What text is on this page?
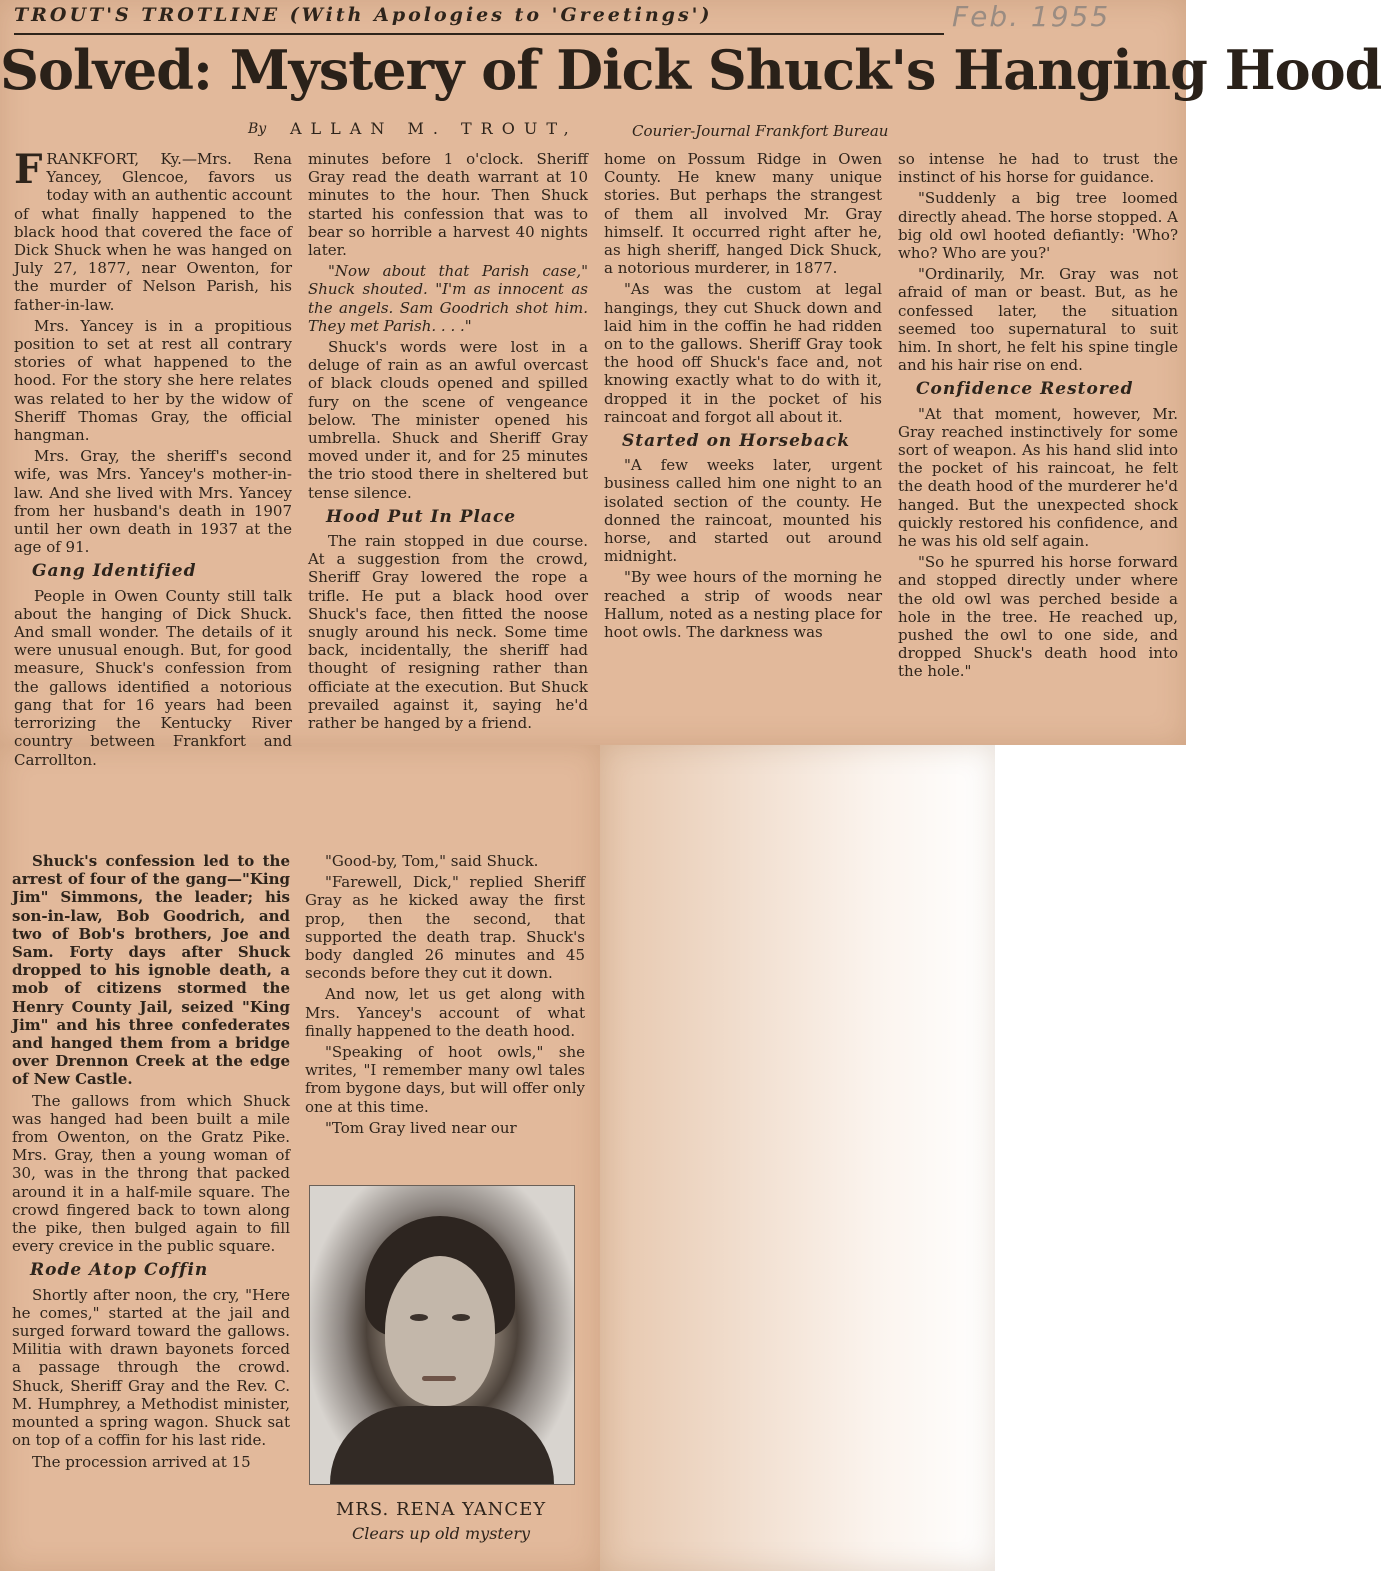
TROUT'S TROTLINE (With Apologies to 'Greetings')	Feb. 1955
Solved: Mystery of Dick Shuck's Hanging Hood
By	ALLAN M. TROUT,	Courier-Journal Frankfort Bureau

FRANKFORT, Ky.—Mrs. Rena Yancey, Glencoe, favors us today with an authentic account of what finally happened to the black hood that covered the face of Dick Shuck when he was hanged on July 27, 1877, near Owenton, for the murder of Nelson Parish, his father-in-law.

Mrs. Yancey is in a propitious position to set at rest all contrary stories of what happened to the hood. For the story she here relates was related to her by the widow of Sheriff Thomas Gray, the official hangman.

Mrs. Gray, the sheriff's second wife, was Mrs. Yancey's mother-in-law. And she lived with Mrs. Yancey from her husband's death in 1907 until her own death in 1937 at the age of 91.

Gang Identified

People in Owen County still talk about the hanging of Dick Shuck. And small wonder. The details of it were unusual enough. But, for good measure, Shuck's confession from the gallows identified a notorious gang that for 16 years had been terrorizing the Kentucky River country between Frankfort and Carrollton.

minutes before 1 o'clock. Sheriff Gray read the death warrant at 10 minutes to the hour. Then Shuck started his confession that was to bear so horrible a harvest 40 nights later.

"Now about that Parish case," Shuck shouted. "I'm as innocent as the angels. Sam Goodrich shot him. They met Parish. . . ."

Shuck's words were lost in a deluge of rain as an awful overcast of black clouds opened and spilled fury on the scene of vengeance below. The minister opened his umbrella. Shuck and Sheriff Gray moved under it, and for 25 minutes the trio stood there in sheltered but tense silence.

Hood Put In Place

The rain stopped in due course. At a suggestion from the crowd, Sheriff Gray lowered the rope a trifle. He put a black hood over Shuck's face, then fitted the noose snugly around his neck. Some time back, incidentally, the sheriff had thought of resigning rather than officiate at the execution. But Shuck prevailed against it, saying he'd rather be hanged by a friend.

home on Possum Ridge in Owen County. He knew many unique stories. But perhaps the strangest of them all involved Mr. Gray himself. It occurred right after he, as high sheriff, hanged Dick Shuck, a notorious murderer, in 1877.

"As was the custom at legal hangings, they cut Shuck down and laid him in the coffin he had ridden on to the gallows. Sheriff Gray took the hood off Shuck's face and, not knowing exactly what to do with it, dropped it in the pocket of his raincoat and forgot all about it.

Started on Horseback

"A few weeks later, urgent business called him one night to an isolated section of the county. He donned the raincoat, mounted his horse, and started out around midnight.

"By wee hours of the morning he reached a strip of woods near Hallum, noted as a nesting place for hoot owls. The darkness was

so intense he had to trust the instinct of his horse for guidance.

"Suddenly a big tree loomed directly ahead. The horse stopped. A big old owl hooted defiantly: 'Who? who? Who are you?'

"Ordinarily, Mr. Gray was not afraid of man or beast. But, as he confessed later, the situation seemed too supernatural to suit him. In short, he felt his spine tingle and his hair rise on end.

Confidence Restored

"At that moment, however, Mr. Gray reached instinctively for some sort of weapon. As his hand slid into the pocket of his raincoat, he felt the death hood of the murderer he'd hanged. But the unexpected shock quickly restored his confidence, and he was his old self again.

"So he spurred his horse forward and stopped directly under where the old owl was perched beside a hole in the tree. He reached up, pushed the owl to one side, and dropped Shuck's death hood into the hole."

Shuck's confession led to the arrest of four of the gang—"King Jim" Simmons, the leader; his son-in-law, Bob Goodrich, and two of Bob's brothers, Joe and Sam. Forty days after Shuck dropped to his ignoble death, a mob of citizens stormed the Henry County Jail, seized "King Jim" and his three confederates and hanged them from a bridge over Drennon Creek at the edge of New Castle.

The gallows from which Shuck was hanged had been built a mile from Owenton, on the Gratz Pike. Mrs. Gray, then a young woman of 30, was in the throng that packed around it in a half-mile square. The crowd fingered back to town along the pike, then bulged again to fill every crevice in the public square.

Rode Atop Coffin

Shortly after noon, the cry, "Here he comes," started at the jail and surged forward toward the gallows. Militia with drawn bayonets forced a passage through the crowd. Shuck, Sheriff Gray and the Rev. C. M. Humphrey, a Methodist minister, mounted a spring wagon. Shuck sat on top of a coffin for his last ride.

The procession arrived at 15

"Good-by, Tom," said Shuck.

"Farewell, Dick," replied Sheriff Gray as he kicked away the first prop, then the second, that supported the death trap. Shuck's body dangled 26 minutes and 45 seconds before they cut it down.

And now, let us get along with Mrs. Yancey's account of what finally happened to the death hood.

"Speaking of hoot owls," she writes, "I remember many owl tales from bygone days, but will offer only one at this time.

"Tom Gray lived near our

MRS. RENA YANCEY
Clears up old mystery
